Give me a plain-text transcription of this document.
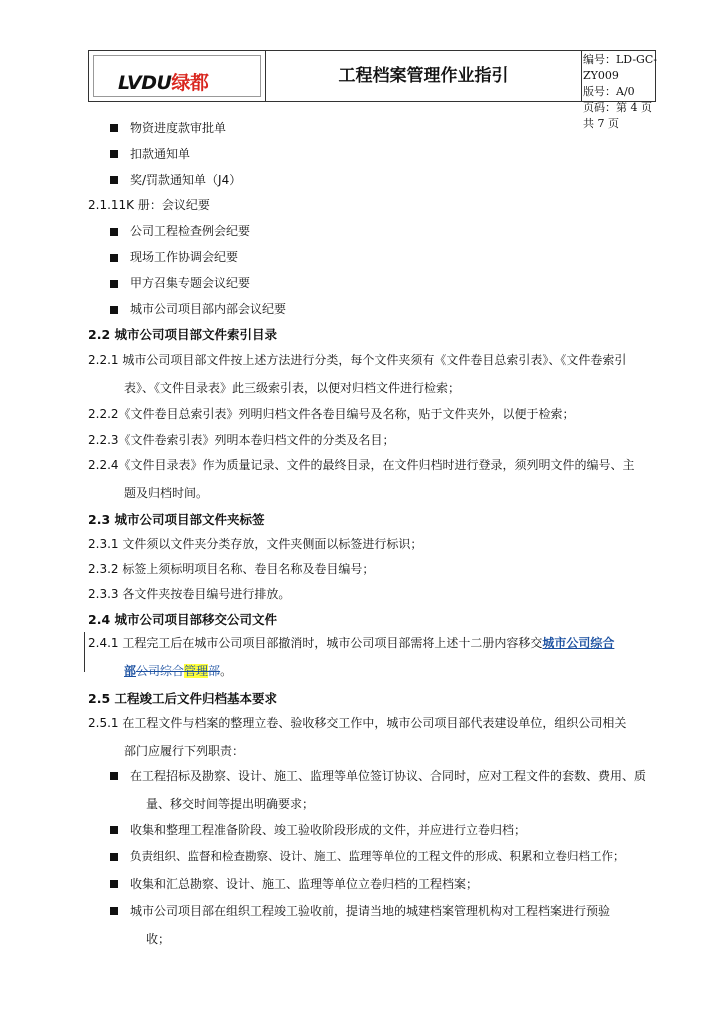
LVDU绿都	工程档案管理作业指引
编号：LD-GC-ZY009
版号：A/0
页码：第 4 页 共 7 页
物资进度款审批单
扣款通知单
奖/罚款通知单（J4）
2.1.11K 册：会议纪要
公司工程检查例会纪要
现场工作协调会纪要
甲方召集专题会议纪要
城市公司项目部内部会议纪要
2.2 城市公司项目部文件索引目录
2.2.1 城市公司项目部文件按上述方法进行分类，每个文件夹须有《文件卷目总索引表》、《文件卷索引
表》、《文件目录表》此三级索引表，以便对归档文件进行检索；
2.2.2《文件卷目总索引表》列明归档文件各卷目编号及名称，贴于文件夹外，以便于检索；
2.2.3《文件卷索引表》列明本卷归档文件的分类及名目；
2.2.4《文件目录表》作为质量记录、文件的最终目录，在文件归档时进行登录，须列明文件的编号、主
题及归档时间。
2.3 城市公司项目部文件夹标签
2.3.1 文件须以文件夹分类存放，文件夹侧面以标签进行标识；
2.3.2 标签上须标明项目名称、卷目名称及卷目编号；
2.3.3 各文件夹按卷目编号进行排放。
2.4 城市公司项目部移交公司文件
2.4.1 工程完工后在城市公司项目部撤消时，城市公司项目部需将上述十二册内容移交城市公司综合
部公司综合管理部。
2.5 工程竣工后文件归档基本要求
2.5.1 在工程文件与档案的整理立卷、验收移交工作中，城市公司项目部代表建设单位，组织公司相关
部门应履行下列职责：
在工程招标及勘察、设计、施工、监理等单位签订协议、合同时，应对工程文件的套数、费用、质
量、移交时间等提出明确要求；
收集和整理工程准备阶段、竣工验收阶段形成的文件，并应进行立卷归档；
负责组织、监督和检查勘察、设计、施工、监理等单位的工程文件的形成、积累和立卷归档工作；
收集和汇总勘察、设计、施工、监理等单位立卷归档的工程档案；
城市公司项目部在组织工程竣工验收前，提请当地的城建档案管理机构对工程档案进行预验
收；
